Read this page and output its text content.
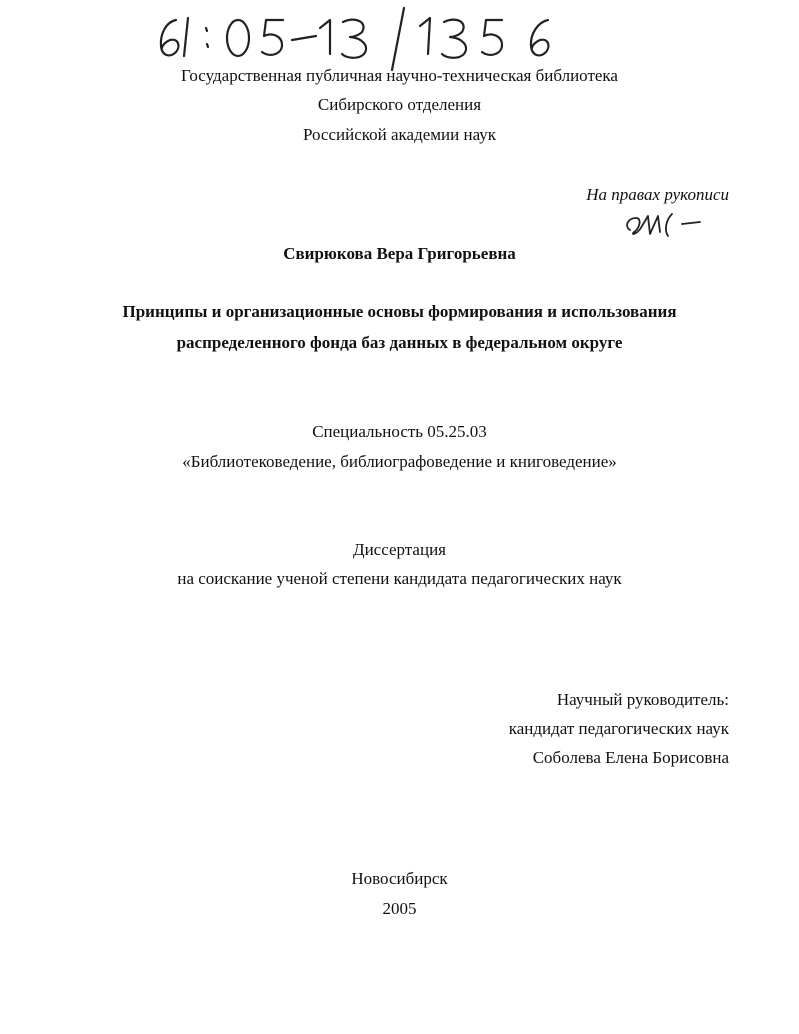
Государственная публичная научно-техническая библиотека
Сибирского отделения
Российской академии наук
На правах рукописи
Свирюкова Вера Григорьевна
Принципы и организационные основы формирования и использования
распределенного фонда баз данных в федеральном округе
Специальность 05.25.03
«Библиотековедение, библиографоведение и книговедение»
Диссертация
на соискание ученой степени кандидата педагогических наук
Научный руководитель:
кандидат педагогических наук
Соболева Елена Борисовна
Новосибирск
2005
